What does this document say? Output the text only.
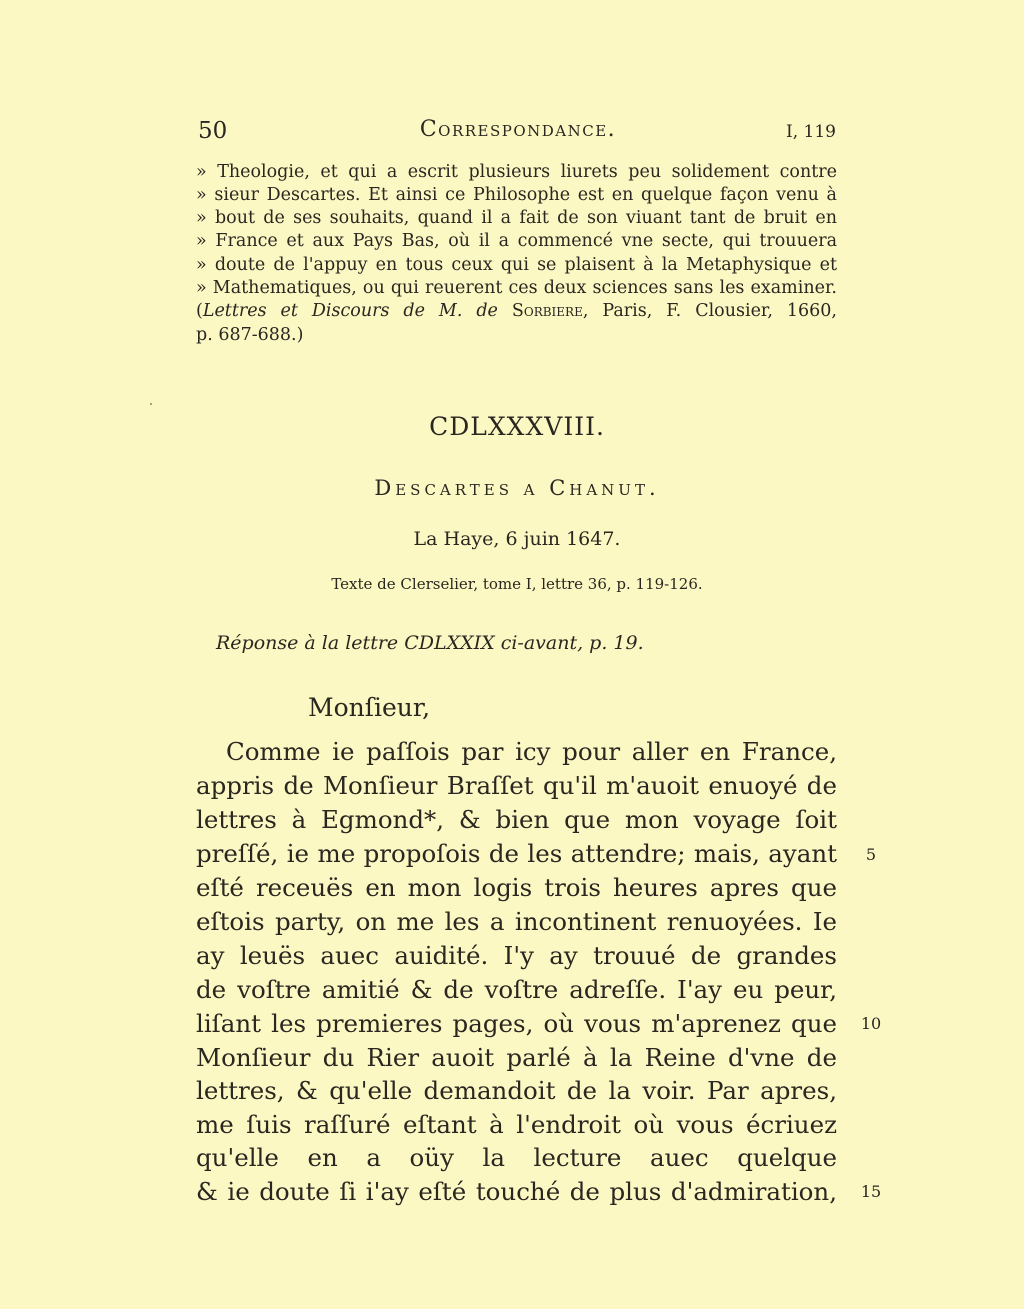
50	Correspondance.	I, 119
» Theologie, et qui a escrit plusieurs liurets peu solidement contre
» sieur Descartes. Et ainsi ce Philosophe est en quelque façon venu à
» bout de ses souhaits, quand il a fait de son viuant tant de bruit en
» France et aux Pays Bas, où il a commencé vne secte, qui trouuera
» doute de l'appuy en tous ceux qui se plaisent à la Metaphysique et
» Mathematiques, ou qui reuerent ces deux sciences sans les examiner.
(Lettres et Discours de M. de Sorbiere, Paris, F. Clousier, 1660,
p. 687-688.)
CDLXXXVIII.
Descartes a Chanut.
La Haye, 6 juin 1647.
Texte de Clerselier, tome I, lettre 36, p. 119-126.
Réponse à la lettre CDLXXIX ci-avant, p. 19.
Monſieur,
Comme ie paſſois par icy pour aller en France,
appris de Monſieur Braſſet qu'il m'auoit enuoyé de
lettres à Egmond*, & bien que mon voyage ſoit
preſſé, ie me propoſois de les attendre; mais, ayant
eſté receuës en mon logis trois heures apres que
eſtois party, on me les a incontinent renuoyées. Ie
ay leuës auec auidité. I'y ay trouué de grandes
de voſtre amitié & de voſtre adreſſe. I'ay eu peur,
liſant les premieres pages, où vous m'aprenez que
Monſieur du Rier auoit parlé à la Reine d'vne de
lettres, & qu'elle demandoit de la voir. Par apres,
me ſuis raſſuré eſtant à l'endroit où vous écriuez
qu'elle en a oüy la lecture auec quelque
& ie doute ſi i'ay eſté touché de plus d'admiration,
5
10
15
